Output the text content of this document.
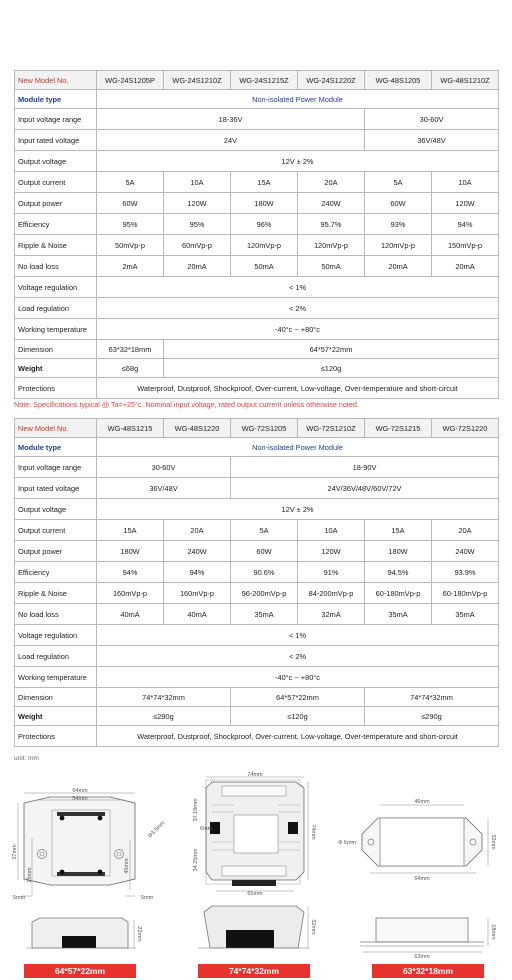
New Model No.	WG-24S1205P	WG-24S1210Z	WG-24S1215Z	WG-24S1220Z	WG-48S1205	WG-48S1210Z
Module type	Non-isolated Power Module					
Input voltage range	18-36V				30-60V	
Input rated voltage	24V				36V/48V	
Output voltage	12V ± 2%					
Output current	5A	10A	15A	20A	5A	10A
Output power	60W	120W	180W	240W	60W	120W
Efficiency	95%	95%	96%	95.7%	93%	94%
Ripple & Noise	50mVp-p	60mVp-p	120mVp-p	120mVp-p	120mVp-p	150mVp-p
No load loss	2mA	20mA	50mA	50mA	20mA	20mA
Voltage regulation	< 1%					
Load regulation	< 2%					
Working temperature	-40°c ~ +80°c					
Dimension	63*32*18mm	64*57*22mm				
Weight	≤68g	≤120g				
Protections	Waterproof, Dustproof, Shockproof, Over-current, Low-voltage, Over-temperature and short-circuit					
Note: Specifications typical @ Ta=+25°c. Nominal input voltage, rated output current unless otherwise noted.
New Model No.	WG-48S1215	WG-48S1220	WG-72S1205	WG-72S1210Z	WG-72S1215	WG-72S1220
Module type	Non-isolated Power Module					
Input voltage range	30-60V		18-90V			
Input rated voltage	36V/48V		24V/36V/48V/60V/72V			
Output voltage	12V ± 2%					
Output current	15A	20A	5A	10A	15A	20A
Output power	180W	240W	60W	120W	180W	240W
Efficiency	94%	94%	90.6%	91%	94.5%	93.9%
Ripple & Noise	160mVp-p	160mVp-p	96-200mVp-p	84-200mVp-p	60-180mVp-p	60-180mVp-p
No load loss	40mA	40mA	35mA	32mA	35mA	35mA
Voltage regulation	< 1%					
Load regulation	< 2%					
Working temperature	-40°c ~ +80°c					
Dimension	74*74*32mm		64*57*22mm		74*74*32mm	
Weight	≤290g		≤120g		≤290g	
Protections	Waterproof, Dustproof, Shockproof, Over-current, Low-voltage, Over-temperature and short-circuit					
unit: mm
64mm
54mm
57mm
25mm
45mm
Φ3.5mm
5mm	5mm
22mm
74mm
65mm
74mm
37.18mm
34.25mm
6mm
32mm
46mm
54mm
32mm
Φ 6mm
63mm
18mm
64*57*22mm	74*74*32mm	63*32*18mm
